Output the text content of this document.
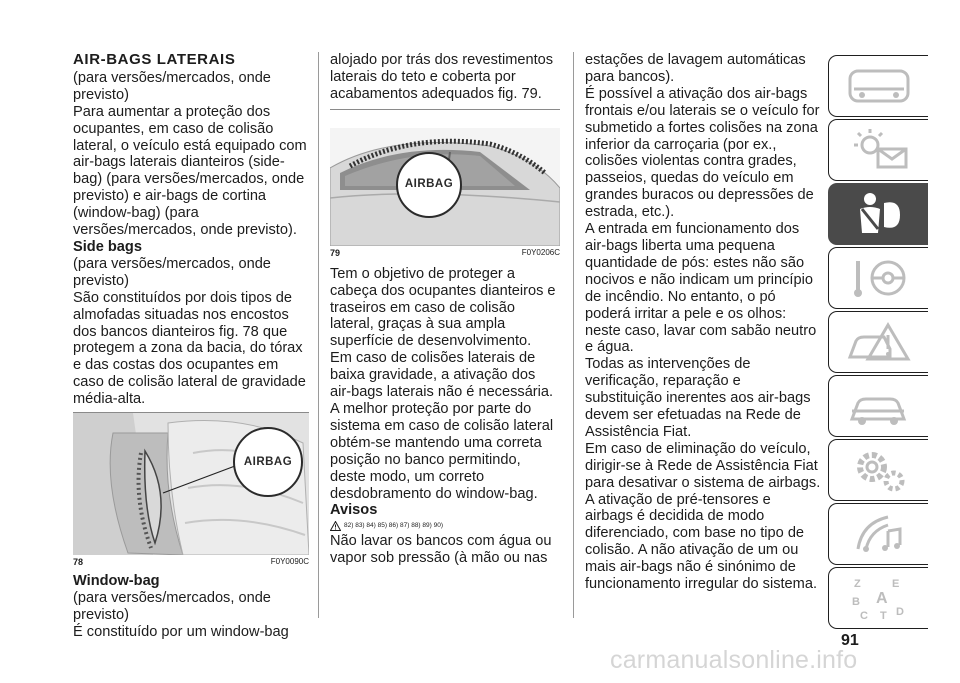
AIR-BAGS LATERAIS

(para versões/mercados, onde previsto)

Para aumentar a proteção dos ocupantes, em caso de colisão lateral, o veículo está equipado com air-bags laterais dianteiros (side-bag) (para versões/mercados, onde previsto) e air-bags de cortina (window-bag) (para versões/mercados, onde previsto).

Side bags

(para versões/mercados, onde previsto)

São constituídos por dois tipos de almofadas situadas nos encostos dos bancos dianteiros fig. 78 que protegem a zona da bacia, do tórax e das costas dos ocupantes em caso de colisão lateral de gravidade média-alta.

AIRBAG
78	F0Y0090C
Window-bag

(para versões/mercados, onde previsto)

É constituído por um window-bag

alojado por trás dos revestimentos laterais do teto e coberta por acabamentos adequados fig. 79.

AIRBAG
79	F0Y0206C

Tem o objetivo de proteger a cabeça dos ocupantes dianteiros e traseiros em caso de colisão lateral, graças à sua ampla superfície de desenvolvimento.

Em caso de colisões laterais de baixa gravidade, a ativação dos air-bags laterais não é necessária.

A melhor proteção por parte do sistema em caso de colisão lateral obtém-se mantendo uma correta posição no banco permitindo, deste modo, um correto desdobramento do window-bag.

Avisos
82) 83) 84) 85) 86) 87) 88) 89) 90)

Não lavar os bancos com água ou vapor sob pressão (à mão ou nas

estações de lavagem automáticas para bancos).

É possível a ativação dos air-bags frontais e/ou laterais se o veículo for submetido a fortes colisões na zona inferior da carroçaria (por ex., colisões violentas contra grades, passeios, quedas do veículo em grandes buracos ou depressões de estrada, etc.).

A entrada em funcionamento dos air-bags liberta uma pequena quantidade de pós: estes não são nocivos e não indicam um princípio de incêndio. No entanto, o pó poderá irritar a pele e os olhos: neste caso, lavar com sabão neutro e água.

Todas as intervenções de verificação, reparação e substituição inerentes aos air-bags devem ser efetuadas na Rede de Assistência Fiat.

Em caso de eliminação do veículo, dirigir-se à Rede de Assistência Fiat para desativar o sistema de airbags.

A ativação de pré-tensores e airbags é decidida de modo diferenciado, com base no tipo de colisão. A não ativação de um ou mais air-bags não é sinónimo de funcionamento irregular do sistema.	Z	E
B A
C T D
91
carmanualsonline.info
